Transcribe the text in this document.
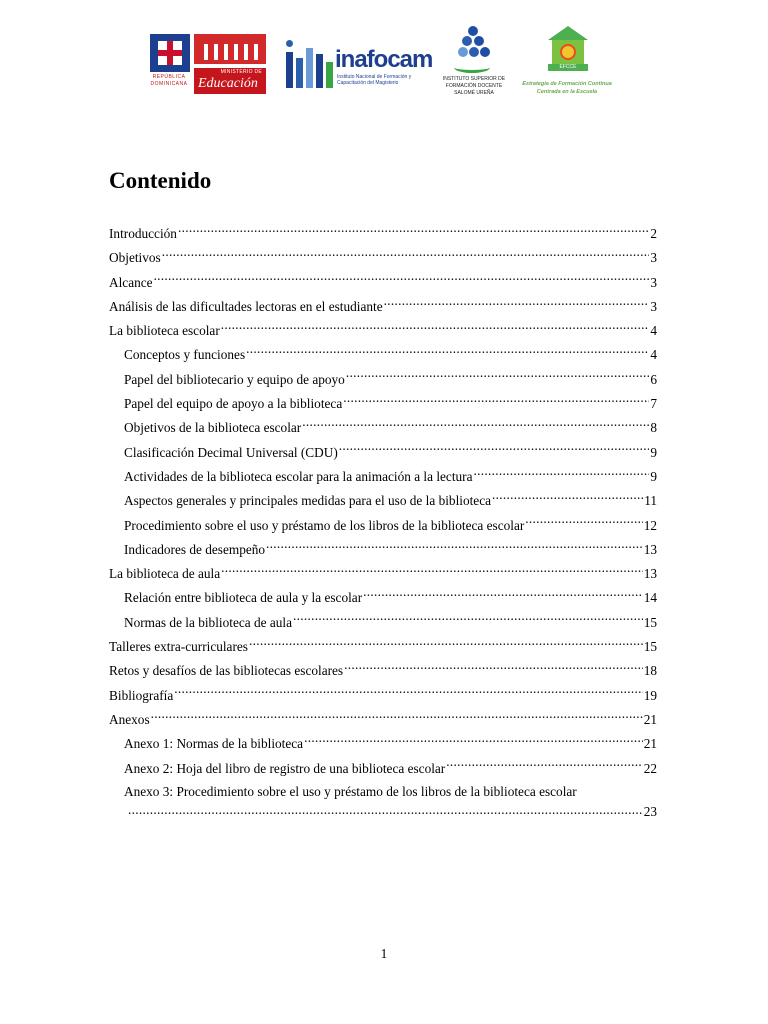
MINISTERIO DE
Educación
REPÚBLICA DOMINICANA
inafocam
Instituto Nacional de Formación y Capacitación del Magisterio
INSTITUTO SUPERIOR DE FORMACIÓN DOCENTE SALOMÉ UREÑA
EFCCE
Estrategia de Formación Continua Centrada en la Escuela
Contenido
Introducción .....	2
Objetivos .....	3
Alcance .....	3
Análisis de las dificultades lectoras en el estudiante .....	3
La biblioteca escolar .....	4
Conceptos y funciones .....	4
Papel del bibliotecario y equipo de apoyo .....	6
Papel del equipo de apoyo a la biblioteca .....	7
Objetivos de la biblioteca escolar .....	8
Clasificación Decimal Universal (CDU) .....	9
Actividades de la biblioteca escolar para la animación a la lectura .....	9
Aspectos generales y principales medidas para el uso de la biblioteca .....	11
Procedimiento sobre el uso y préstamo de los libros de la biblioteca escolar .....	12
Indicadores de desempeño .....	13
La biblioteca de aula .....	13
Relación entre biblioteca de aula y la escolar .....	14
Normas de la biblioteca de aula .....	15
Talleres extra-curriculares .....	15
Retos y desafíos de las bibliotecas escolares .....	18
Bibliografía .....	19
Anexos .....	21
Anexo 1: Normas de la biblioteca .....	21
Anexo 2: Hoja del libro de registro de una biblioteca escolar .....	22
Anexo 3: Procedimiento sobre el uso y préstamo de los libros de la biblioteca escolar
.....
23
1
